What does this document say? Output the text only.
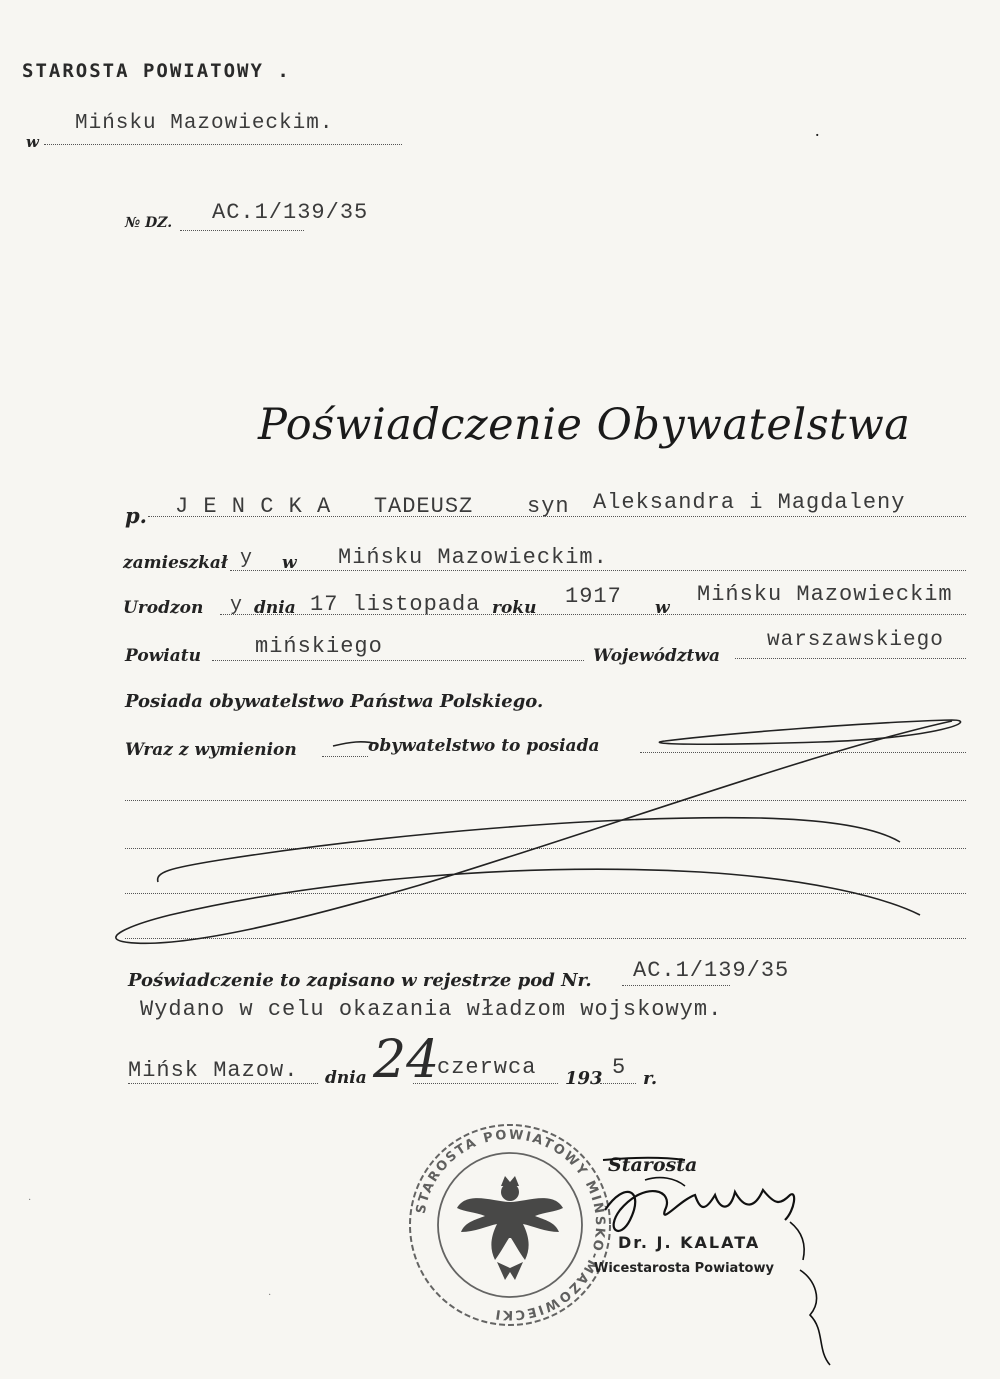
STAROSTA POWIATOWY .
w
Mińsku Mazowieckim.	.
№ DZ. AC.1/139/35
Poświadczenie Obywatelstwa
p. J E N C K A   TADEUSZ syn Aleksandra i Magdaleny
zamieszkał y w Mińsku Mazowieckim.
Urodzon y dnia 17 listopada roku 1917 w
Mińsku Mazowieckim
Powiatu mińskiego	Województwa
warszawskiego
Posiada obywatelstwo Państwa Polskiego.
Wraz z wymienion	obywatelstwo to posiada
Poświadczenie to zapisano w rejestrze pod Nr. AC.1/139/35
Wydano w celu okazania władzom wojskowym.
Mińsk Mazow. dnia 24
czerwca 193 5 r.
STAROSTA POWIATOWY MIŃSKO-MAZOWIECKI
Starosta
Dr. J. KALATA
Wicestarosta Powiatowy
·
·
